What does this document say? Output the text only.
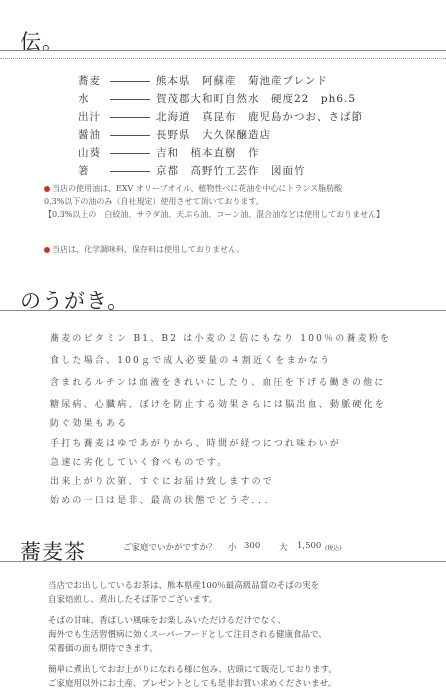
伝。
蕎麦	熊本県　阿蘇産　菊池産ブレンド
水	賀茂郡大和町自然水　硬度22　ph6.5
出汁	北海道　真昆布　鹿児島かつお、さば節
醤油	長野県　大久保醸造店
山葵	吉和　植本直樹　作
箸	京都　高野竹工芸作　図面竹
当店の使用油は、EXV オリーブオイル、植物性べに花油を中心にトランス脂肪酸
0.3%以下の油のみ（自社規定）使用させて頂いております。
【0.3%以上の　白絞油、サラダ油、天ぷら油、コーン油、混合油などは使用しておりません】
当店は、化学調味料、保存料は使用しておりません。
のうがき。
蕎麦のビタミン B1、B2 は小麦の２倍にもなり 100％の蕎麦粉を
食した場合、100ｇで成人必要量の４割近くをまかなう
含まれるルチンは血液をきれいにしたり、血圧を下げる働きの他に
糖尿病、心臓病、ぼけを防止する効果さらには脳出血、動脈硬化を
防ぐ効果もある
手打ち蕎麦はゆであがりから、時間が経つにつれ味わいが
急速に劣化していく食べものです。
出来上がり次第、すぐにお届け致しますので
始めの一口は是非、最高の状態でどうぞ．．．
蕎麦茶	ご家庭でいかがですか？ 小 300 大 1,500 (税込)
当店でお出ししているお茶は、熊本県産100％最高級品質のそばの実を
自家焙煎し、煮出したそば茶でございます。
そばの甘味、香ばしい風味をお楽しみいただけるだけでなく、
海外でも生活習慣病に効くスーパーフードとして注目される健康食品で、
栄養価の面も期待できます。
簡単に煮出しておお上がりになれる様に包み、店頭にて販売しております。
ご家庭用以外にお土産、プレゼントとしても是非お買い求めくださいませ。
